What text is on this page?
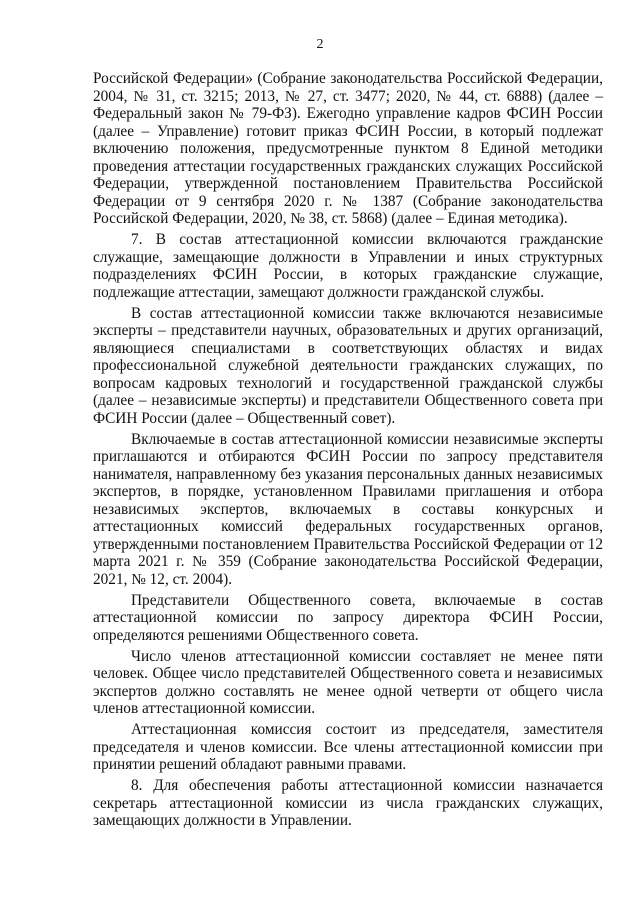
2

Российской Федерации» (Собрание законодательства Российской Федерации, 2004, № 31, ст. 3215; 2013, № 27, ст. 3477; 2020, № 44, ст. 6888) (далее – Федеральный закон № 79-ФЗ). Ежегодно управление кадров ФСИН России (далее – Управление) готовит приказ ФСИН России, в который подлежат включению положения, предусмотренные пунктом 8 Единой методики проведения аттестации государственных гражданских служащих Российской Федерации, утвержденной постановлением Правительства Российской Федерации от 9 сентября 2020 г. № 1387 (Собрание законодательства Российской Федерации, 2020, № 38, ст. 5868) (далее – Единая методика).

7. В состав аттестационной комиссии включаются гражданские служащие, замещающие должности в Управлении и иных структурных подразделениях ФСИН России, в которых гражданские служащие, подлежащие аттестации, замещают должности гражданской службы.

В состав аттестационной комиссии также включаются независимые эксперты – представители научных, образовательных и других организаций, являющиеся специалистами в соответствующих областях и видах профессиональной служебной деятельности гражданских служащих, по вопросам кадровых технологий и государственной гражданской службы (далее – независимые эксперты) и представители Общественного совета при ФСИН России (далее – Общественный совет).

Включаемые в состав аттестационной комиссии независимые эксперты приглашаются и отбираются ФСИН России по запросу представителя нанимателя, направленному без указания персональных данных независимых экспертов, в порядке, установленном Правилами приглашения и отбора независимых экспертов, включаемых в составы конкурсных и аттестационных комиссий федеральных государственных органов, утвержденными постановлением Правительства Российской Федерации от 12 марта 2021 г. № 359 (Собрание законодательства Российской Федерации, 2021, № 12, ст. 2004).

Представители Общественного совета, включаемые в состав аттестационной комиссии по запросу директора ФСИН России, определяются решениями Общественного совета.

Число членов аттестационной комиссии составляет не менее пяти человек. Общее число представителей Общественного совета и независимых экспертов должно составлять не менее одной четверти от общего числа членов аттестационной комиссии.

Аттестационная комиссия состоит из председателя, заместителя председателя и членов комиссии. Все члены аттестационной комиссии при принятии решений обладают равными правами.

8. Для обеспечения работы аттестационной комиссии назначается секретарь аттестационной комиссии из числа гражданских служащих, замещающих должности в Управлении.
